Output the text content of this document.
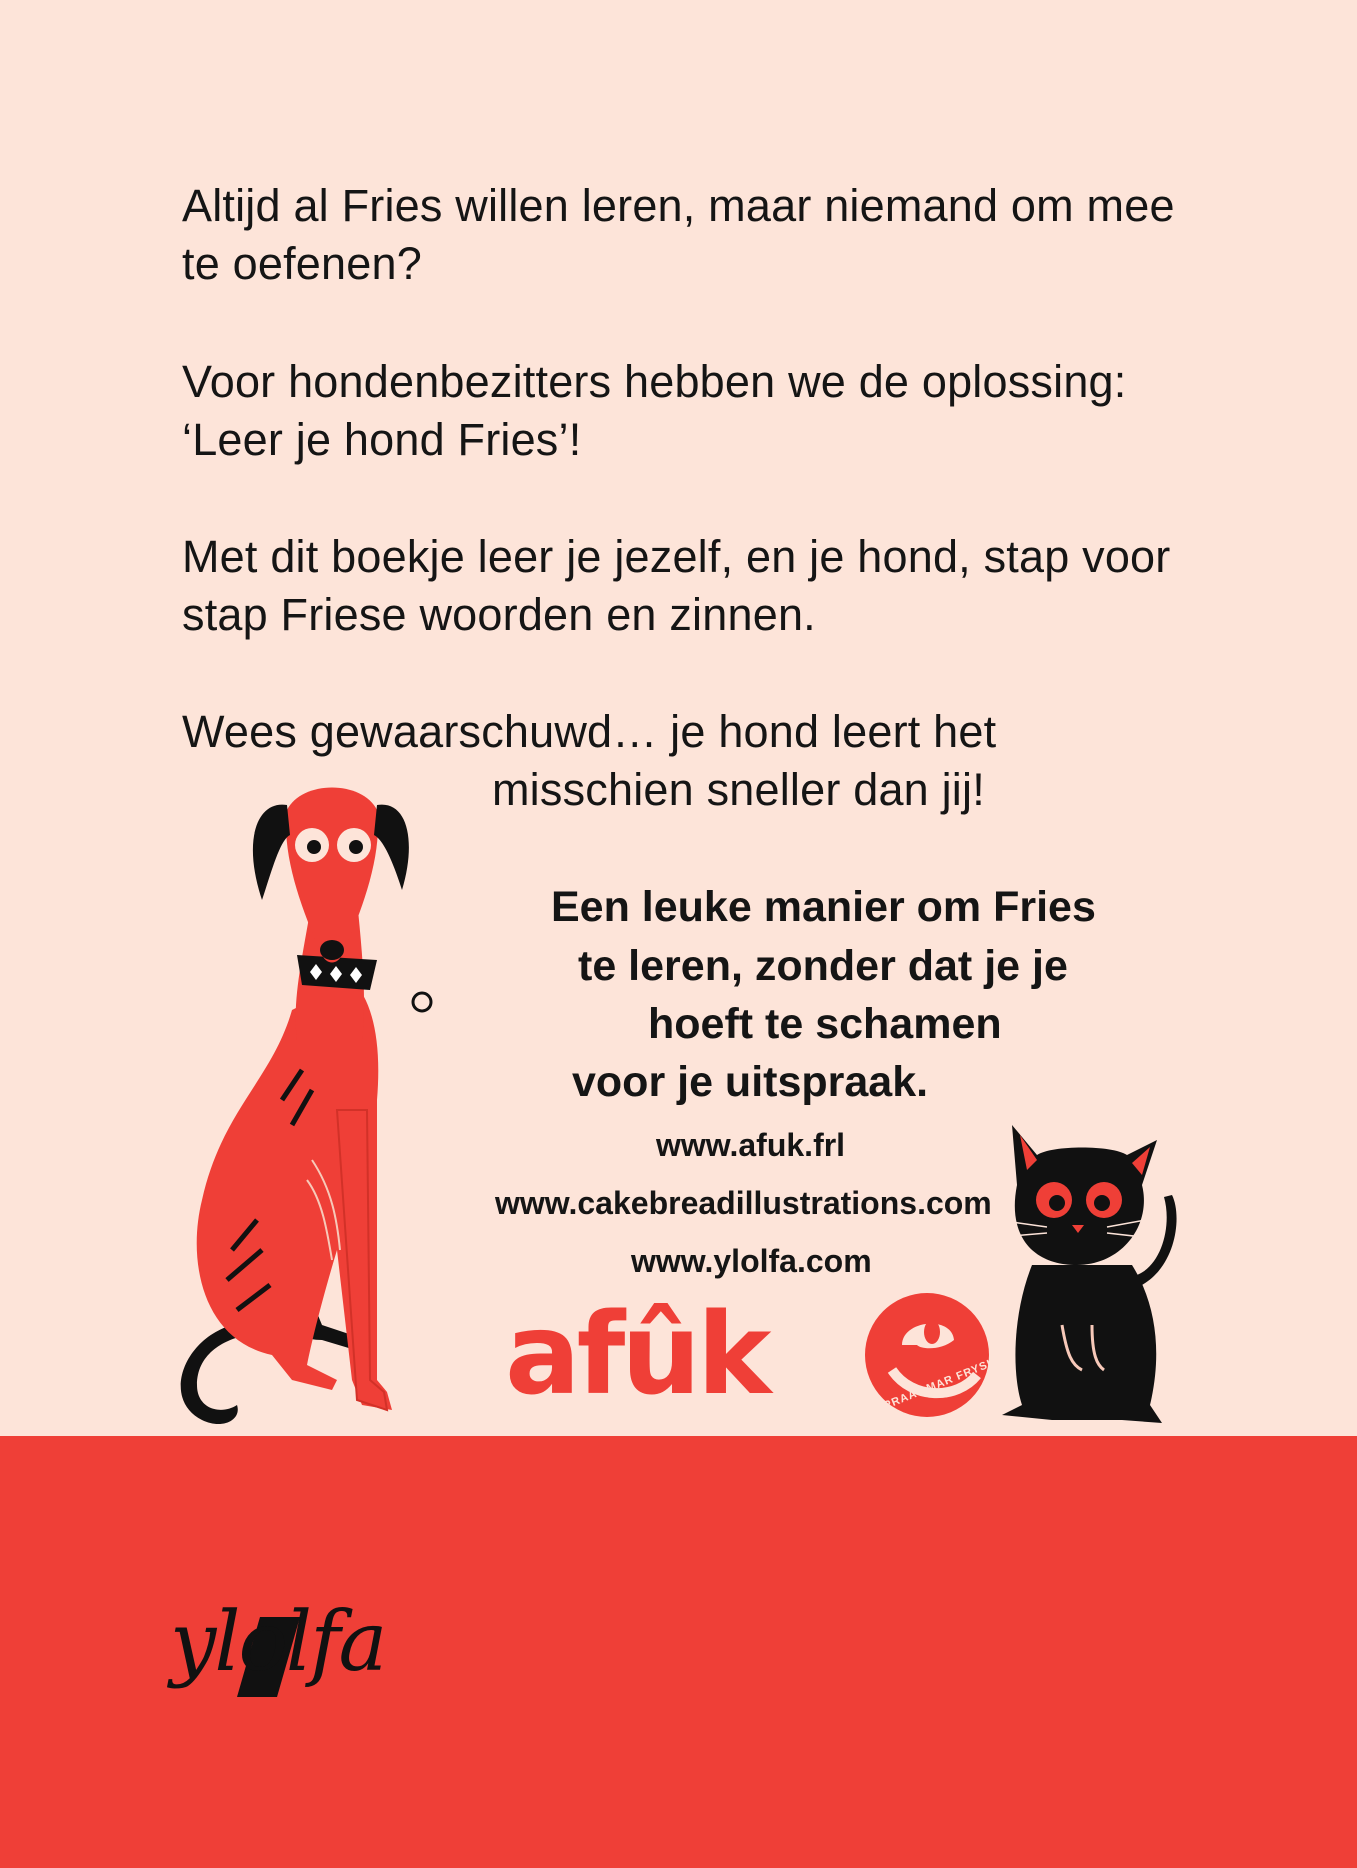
Altijd al Fries willen leren, maar niemand om mee te oefenen?

Voor hondenbezitters hebben we de oplossing: ‘Leer je hond Fries’!

Met dit boekje leer je jezelf, en je hond, stap voor stap Friese woorden en zinnen.

Wees gewaarschuwd… je hond leert het

misschien sneller dan jij!

Een leuke manier om Fries
te leren, zonder dat je je
hoeft te schamen
voor je uitspraak.
www.afuk.frl
www.cakebreadillustrations.com
www.ylolfa.com
afûk	PRAAT MAR FRYSK
ylolfa
